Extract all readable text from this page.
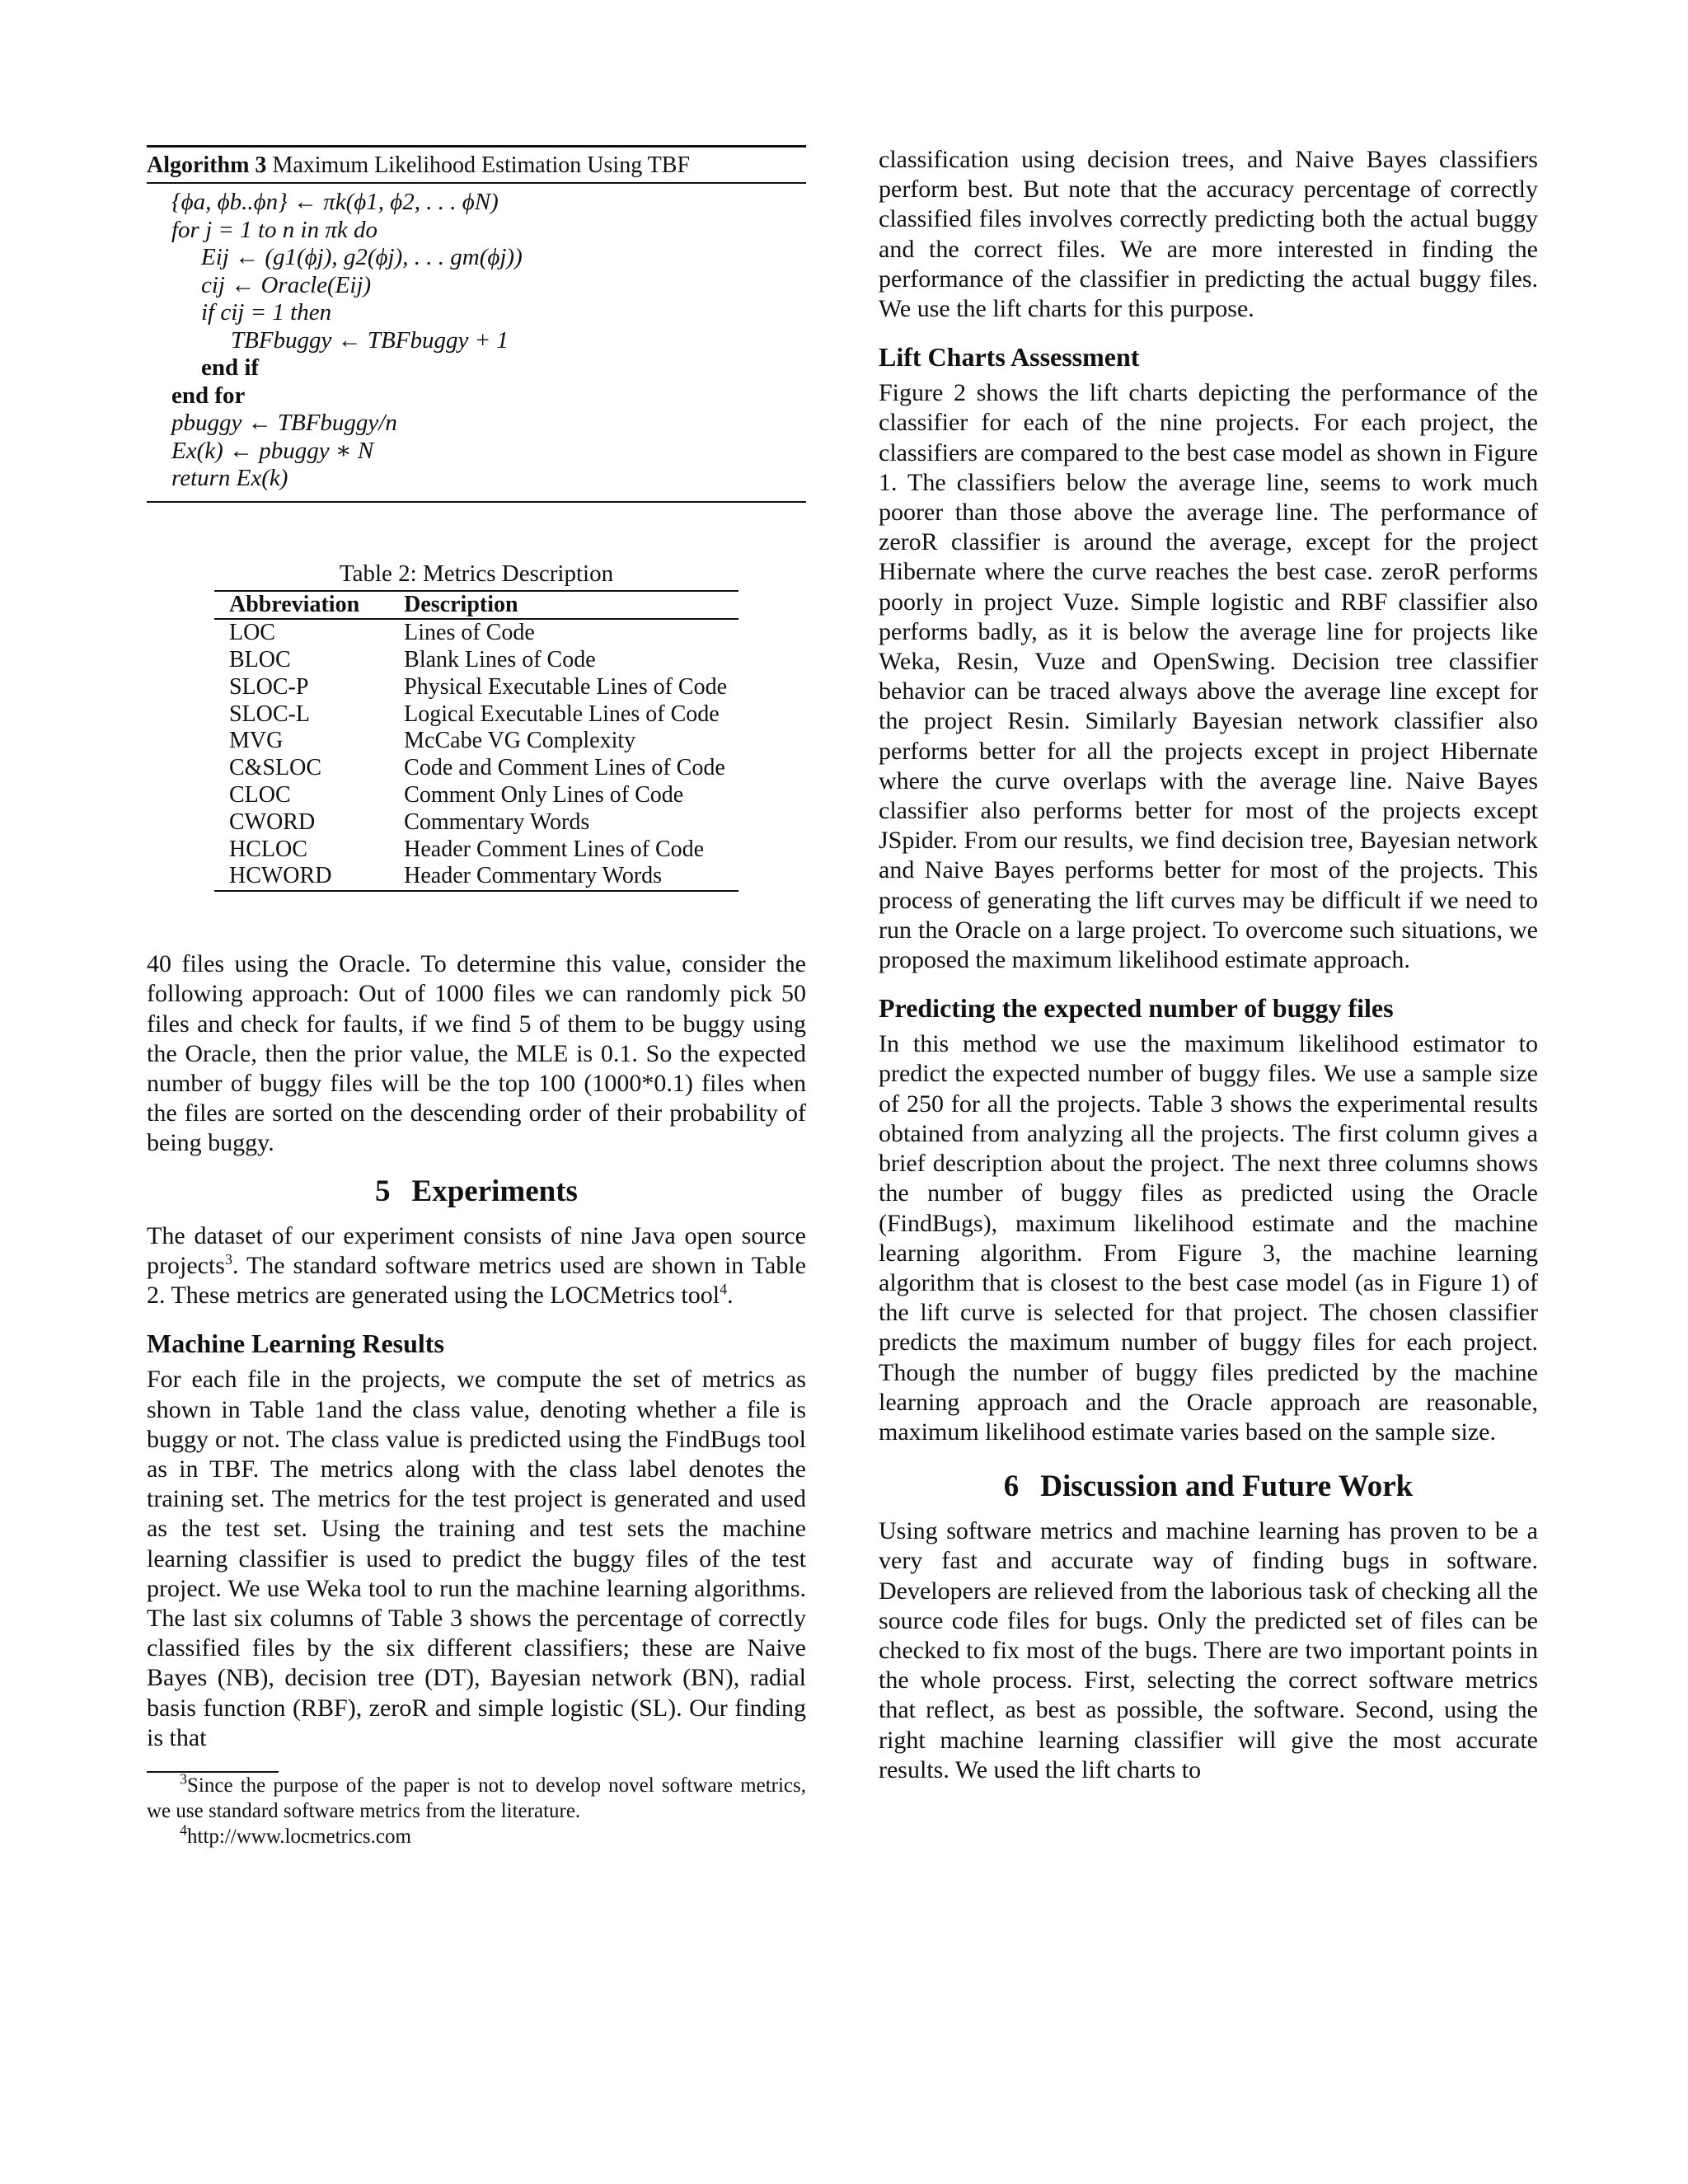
Algorithm 3 Maximum Likelihood Estimation Using TBF
{ϕa, ϕb..ϕn} ← πk(ϕ1, ϕ2, . . . ϕN)
for j = 1 to n in πk do
Eij ← (g1(ϕj), g2(ϕj), . . . gm(ϕj))
cij ← Oracle(Eij)
if cij = 1 then
TBFbuggy ← TBFbuggy + 1
end if
end for
pbuggy ← TBFbuggy/n
Ex(k) ← pbuggy ∗ N
return Ex(k)
Table 2: Metrics Description
Abbreviation	Description
LOC	Lines of Code
BLOC	Blank Lines of Code
SLOC-P	Physical Executable Lines of Code
SLOC-L	Logical Executable Lines of Code
MVG	McCabe VG Complexity
C&SLOC	Code and Comment Lines of Code
CLOC	Comment Only Lines of Code
CWORD	Commentary Words
HCLOC	Header Comment Lines of Code
HCWORD	Header Commentary Words

40 files using the Oracle. To determine this value, consider the following approach: Out of 1000 files we can randomly pick 50 files and check for faults, if we find 5 of them to be buggy using the Oracle, then the prior value, the MLE is 0.1. So the expected number of buggy files will be the top 100 (1000*0.1) files when the files are sorted on the descending order of their probability of being buggy.

5 Experiments

The dataset of our experiment consists of nine Java open source projects$^3$. The standard software metrics used are shown in Table 2. These metrics are generated using the LOCMetrics tool$^4$.

Machine Learning Results

For each file in the projects, we compute the set of metrics as shown in Table 1and the class value, denoting whether a file is buggy or not. The class value is predicted using the FindBugs tool as in TBF. The metrics along with the class label denotes the training set. The metrics for the test project is generated and used as the test set. Using the training and test sets the machine learning classifier is used to predict the buggy files of the test project. We use Weka tool to run the machine learning algorithms. The last six columns of Table 3 shows the percentage of correctly classified files by the six different classifiers; these are Naive Bayes (NB), decision tree (DT), Bayesian network (BN), radial basis function (RBF), zeroR and simple logistic (SL). Our finding is that

$^3$Since the purpose of the paper is not to develop novel software metrics, we use standard software metrics from the literature.
$^4$http://www.locmetrics.com

classification using decision trees, and Naive Bayes classifiers perform best. But note that the accuracy percentage of correctly classified files involves correctly predicting both the actual buggy and the correct files. We are more interested in finding the performance of the classifier in predicting the actual buggy files. We use the lift charts for this purpose.

Lift Charts Assessment

Figure 2 shows the lift charts depicting the performance of the classifier for each of the nine projects. For each project, the classifiers are compared to the best case model as shown in Figure 1. The classifiers below the average line, seems to work much poorer than those above the average line. The performance of zeroR classifier is around the average, except for the project Hibernate where the curve reaches the best case. zeroR performs poorly in project Vuze. Simple logistic and RBF classifier also performs badly, as it is below the average line for projects like Weka, Resin, Vuze and OpenSwing. Decision tree classifier behavior can be traced always above the average line except for the project Resin. Similarly Bayesian network classifier also performs better for all the projects except in project Hibernate where the curve overlaps with the average line. Naive Bayes classifier also performs better for most of the projects except JSpider. From our results, we find decision tree, Bayesian network and Naive Bayes performs better for most of the projects. This process of generating the lift curves may be difficult if we need to run the Oracle on a large project. To overcome such situations, we proposed the maximum likelihood estimate approach.

Predicting the expected number of buggy files

In this method we use the maximum likelihood estimator to predict the expected number of buggy files. We use a sample size of 250 for all the projects. Table 3 shows the experimental results obtained from analyzing all the projects. The first column gives a brief description about the project. The next three columns shows the number of buggy files as predicted using the Oracle (FindBugs), maximum likelihood estimate and the machine learning algorithm. From Figure 3, the machine learning algorithm that is closest to the best case model (as in Figure 1) of the lift curve is selected for that project. The chosen classifier predicts the maximum number of buggy files for each project. Though the number of buggy files predicted by the machine learning approach and the Oracle approach are reasonable, maximum likelihood estimate varies based on the sample size.

6 Discussion and Future Work

Using software metrics and machine learning has proven to be a very fast and accurate way of finding bugs in software. Developers are relieved from the laborious task of checking all the source code files for bugs. Only the predicted set of files can be checked to fix most of the bugs. There are two important points in the whole process. First, selecting the correct software metrics that reflect, as best as possible, the software. Second, using the right machine learning classifier will give the most accurate results. We used the lift charts to
